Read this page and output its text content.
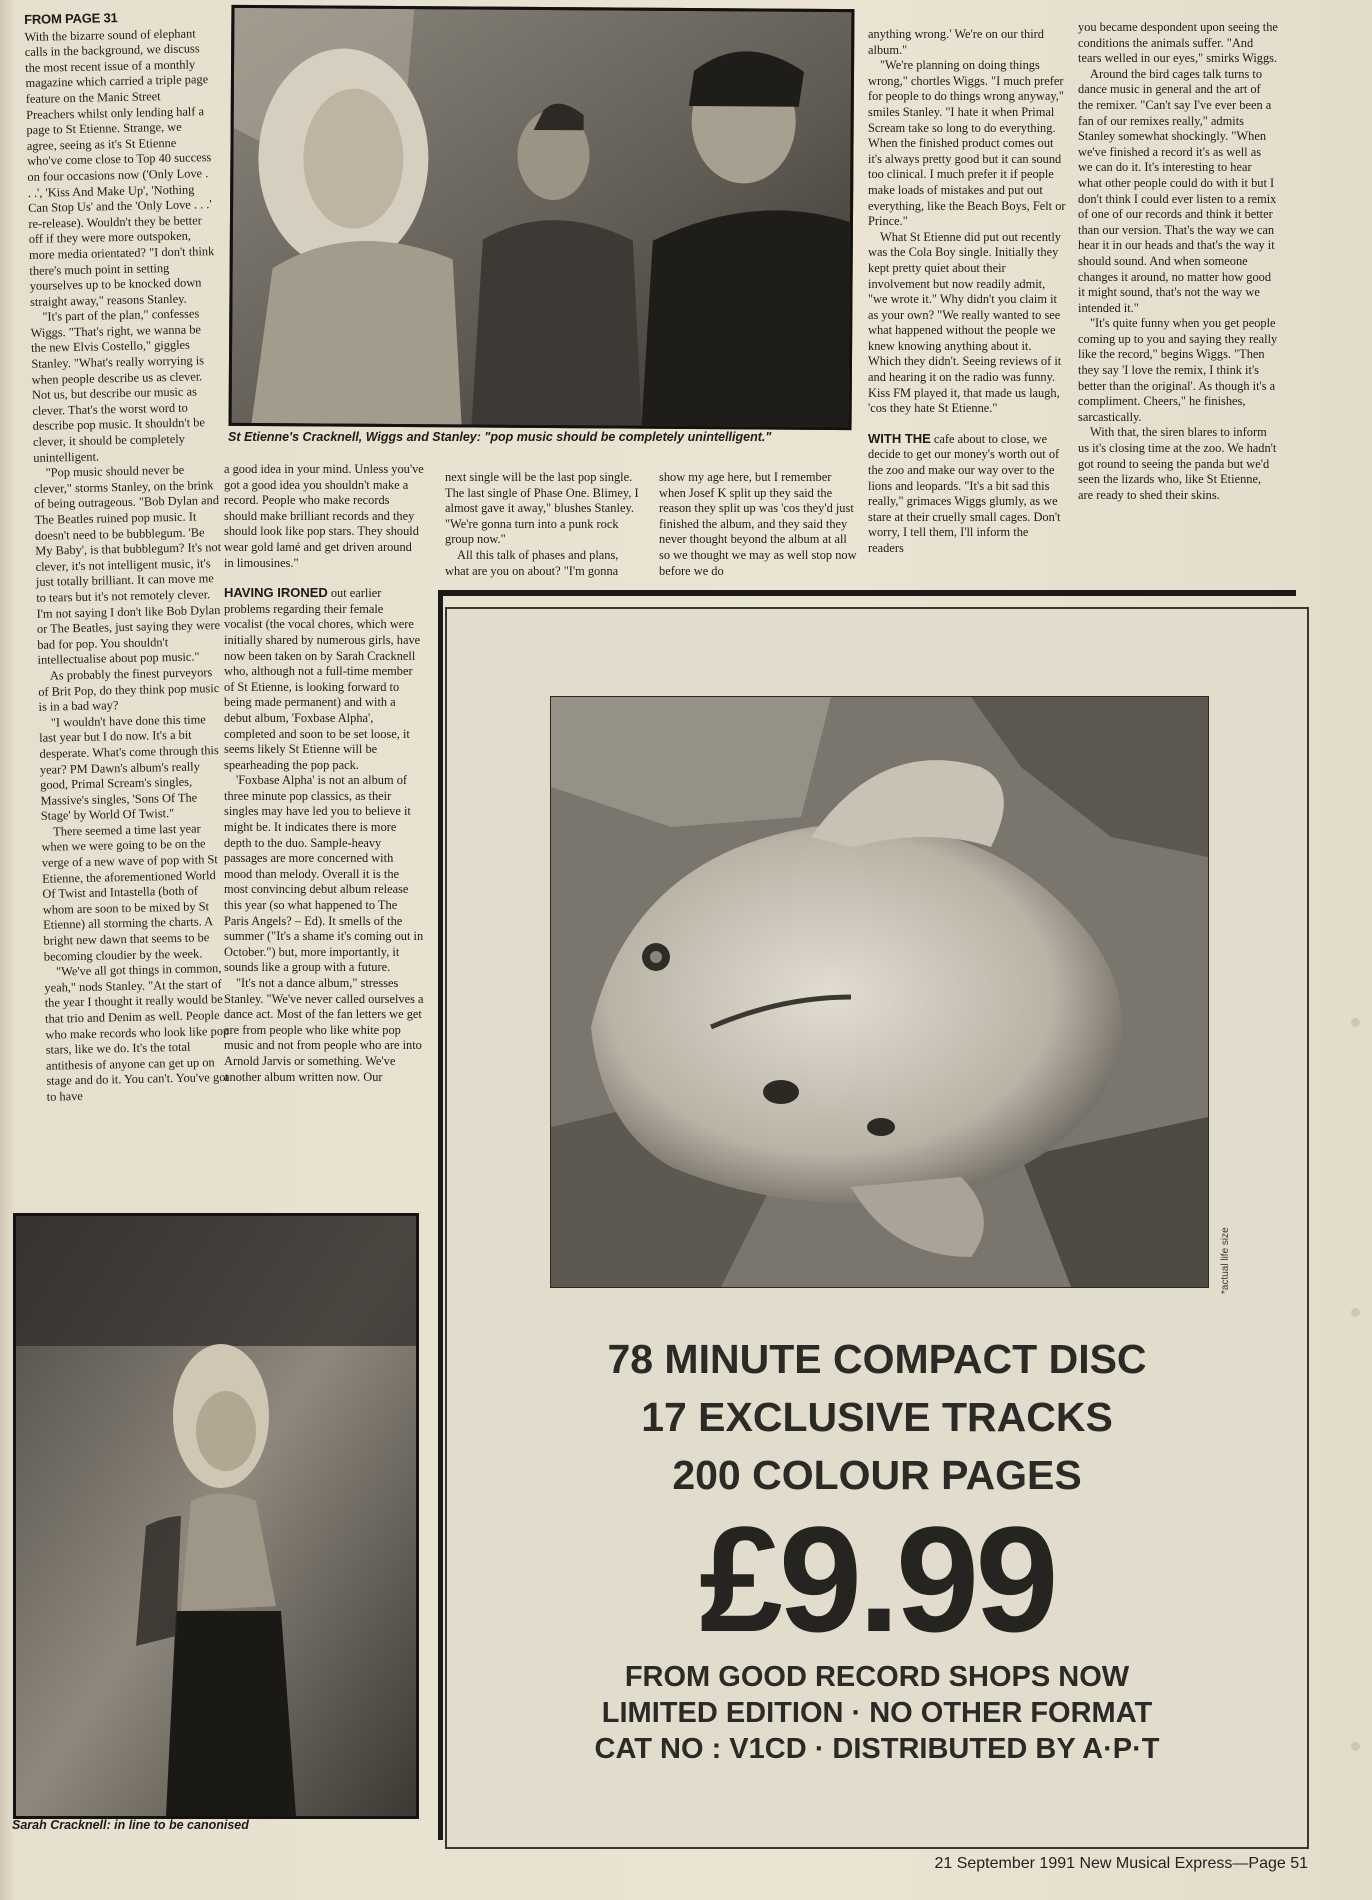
FROM PAGE 31

With the bizarre sound of elephant calls in the background, we discuss the most recent issue of a monthly magazine which carried a triple page feature on the Manic Street Preachers whilst only lending half a page to St Etienne. Strange, we agree, seeing as it's St Etienne who've come close to Top 40 success on four occasions now ('Only Love . . .', 'Kiss And Make Up', 'Nothing Can Stop Us' and the 'Only Love . . .' re-release). Wouldn't they be better off if they were more outspoken, more media orientated? "I don't think there's much point in setting yourselves up to be knocked down straight away," reasons Stanley.

"It's part of the plan," confesses Wiggs. "That's right, we wanna be the new Elvis Costello," giggles Stanley. "What's really worrying is when people describe us as clever. Not us, but describe our music as clever. That's the worst word to describe pop music. It shouldn't be clever, it should be completely unintelligent.

"Pop music should never be clever," storms Stanley, on the brink of being outrageous. "Bob Dylan and The Beatles ruined pop music. It doesn't need to be bubblegum. 'Be My Baby', is that bubblegum? It's not clever, it's not intelligent music, it's just totally brilliant. It can move me to tears but it's not remotely clever. I'm not saying I don't like Bob Dylan or The Beatles, just saying they were bad for pop. You shouldn't intellectualise about pop music."

As probably the finest purveyors of Brit Pop, do they think pop music is in a bad way?

"I wouldn't have done this time last year but I do now. It's a bit desperate. What's come through this year? PM Dawn's album's really good, Primal Scream's singles, Massive's singles, 'Sons Of The Stage' by World Of Twist."

There seemed a time last year when we were going to be on the verge of a new wave of pop with St Etienne, the aforementioned World Of Twist and Intastella (both of whom are soon to be mixed by St Etienne) all storming the charts. A bright new dawn that seems to be becoming cloudier by the week.

"We've all got things in common, yeah," nods Stanley. "At the start of the year I thought it really would be that trio and Denim as well. People who make records who look like pop stars, like we do. It's the total antithesis of anyone can get up on stage and do it. You can't. You've got to have

St Etienne's Cracknell, Wiggs and Stanley: "pop music should be completely unintelligent."

a good idea in your mind. Unless you've got a good idea you shouldn't make a record. People who make records should make brilliant records and they should look like pop stars. They should wear gold lamé and get driven around in limousines."

HAVING IRONED out earlier problems regarding their female vocalist (the vocal chores, which were initially shared by numerous girls, have now been taken on by Sarah Cracknell who, although not a full-time member of St Etienne, is looking forward to being made permanent) and with a debut album, 'Foxbase Alpha', completed and soon to be set loose, it seems likely St Etienne will be spearheading the pop pack.

'Foxbase Alpha' is not an album of three minute pop classics, as their singles may have led you to believe it might be. It indicates there is more depth to the duo. Sample-heavy passages are more concerned with mood than melody. Overall it is the most convincing debut album release this year (so what happened to The Paris Angels? – Ed). It smells of the summer ("It's a shame it's coming out in October.") but, more importantly, it sounds like a group with a future.

"It's not a dance album," stresses Stanley. "We've never called ourselves a dance act. Most of the fan letters we get are from people who like white pop music and not from people who are into Arnold Jarvis or something. We've another album written now. Our

next single will be the last pop single. The last single of Phase One. Blimey, I almost gave it away," blushes Stanley. "We're gonna turn into a punk rock group now."

All this talk of phases and plans, what are you on about? "I'm gonna

show my age here, but I remember when Josef K split up they said the reason they split up was 'cos they'd just finished the album, and they said they never thought beyond the album at all so we thought we may as well stop now before we do

anything wrong.' We're on our third album."

"We're planning on doing things wrong," chortles Wiggs. "I much prefer for people to do things wrong anyway," smiles Stanley. "I hate it when Primal Scream take so long to do everything. When the finished product comes out it's always pretty good but it can sound too clinical. I much prefer it if people make loads of mistakes and put out everything, like the Beach Boys, Felt or Prince."

What St Etienne did put out recently was the Cola Boy single. Initially they kept pretty quiet about their involvement but now readily admit, "we wrote it." Why didn't you claim it as your own? "We really wanted to see what happened without the people we knew knowing anything about it. Which they didn't. Seeing reviews of it and hearing it on the radio was funny. Kiss FM played it, that made us laugh, 'cos they hate St Etienne."

WITH THE cafe about to close, we decide to get our money's worth out of the zoo and make our way over to the lions and leopards. "It's a bit sad this really," grimaces Wiggs glumly, as we stare at their cruelly small cages. Don't worry, I tell them, I'll inform the readers

you became despondent upon seeing the conditions the animals suffer. "And tears welled in our eyes," smirks Wiggs.

Around the bird cages talk turns to dance music in general and the art of the remixer. "Can't say I've ever been a fan of our remixes really," admits Stanley somewhat shockingly. "When we've finished a record it's as well as we can do it. It's interesting to hear what other people could do with it but I don't think I could ever listen to a remix of one of our records and think it better than our version. That's the way we can hear it in our heads and that's the way it should sound. And when someone changes it around, no matter how good it might sound, that's not the way we intended it."

"It's quite funny when you get people coming up to you and saying they really like the record," begins Wiggs. "Then they say 'I love the remix, I think it's better than the original'. As though it's a compliment. Cheers," he finishes, sarcastically.

With that, the siren blares to inform us it's closing time at the zoo. We hadn't got round to seeing the panda but we'd seen the lizards who, like St Etienne, are ready to shed their skins.

Sarah Cracknell: in line to be canonised
*actual life size
78 MINUTE COMPACT DISC
17 EXCLUSIVE TRACKS
200 COLOUR PAGES
£9.99
FROM GOOD RECORD SHOPS NOW
LIMITED EDITION · NO OTHER FORMAT
CAT NO : V1CD · DISTRIBUTED BY A·P·T
21 September 1991 New Musical Express—Page 51
